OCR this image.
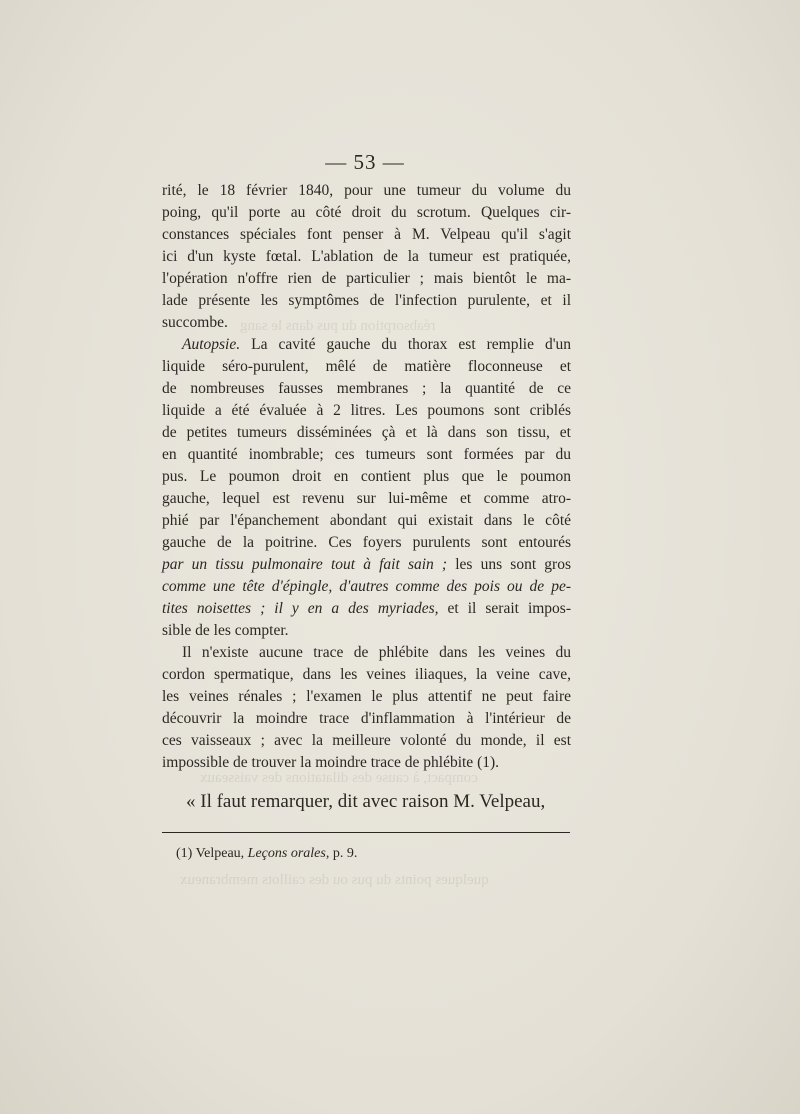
réabsorption du pus dans le sang
compact, à cause des dilatations des vaisseaux
quelques points du pus ou des caillots membraneux
— 53 —

rité, le 18 février 1840, pour une tumeur du volume du
poing, qu'il porte au côté droit du scrotum. Quelques cir-
constances spéciales font penser à M. Velpeau qu'il s'agit
ici d'un kyste fœtal. L'ablation de la tumeur est pratiquée,
l'opération n'offre rien de particulier ; mais bientôt le ma-
lade présente les symptômes de l'infection purulente, et il
succombe.

Autopsie. La cavité gauche du thorax est remplie d'un
liquide séro-purulent, mêlé de matière floconneuse et
de nombreuses fausses membranes ; la quantité de ce
liquide a été évaluée à 2 litres. Les poumons sont criblés
de petites tumeurs disséminées çà et là dans son tissu, et
en quantité inombrable; ces tumeurs sont formées par du
pus. Le poumon droit en contient plus que le poumon
gauche, lequel est revenu sur lui-même et comme atro-
phié par l'épanchement abondant qui existait dans le côté
gauche de la poitrine. Ces foyers purulents sont entourés
par un tissu pulmonaire tout à fait sain ; les uns sont gros
comme une tête d'épingle, d'autres comme des pois ou de pe-
tites noisettes ; il y en a des myriades, et il serait impos-
sible de les compter.

Il n'existe aucune trace de phlébite dans les veines du
cordon spermatique, dans les veines iliaques, la veine cave,
les veines rénales ; l'examen le plus attentif ne peut faire
découvrir la moindre trace d'inflammation à l'intérieur de
ces vaisseaux ; avec la meilleure volonté du monde, il est
impossible de trouver la moindre trace de phlébite (1).

« Il faut remarquer, dit avec raison M. Velpeau,
(1) Velpeau, Leçons orales, p. 9.
